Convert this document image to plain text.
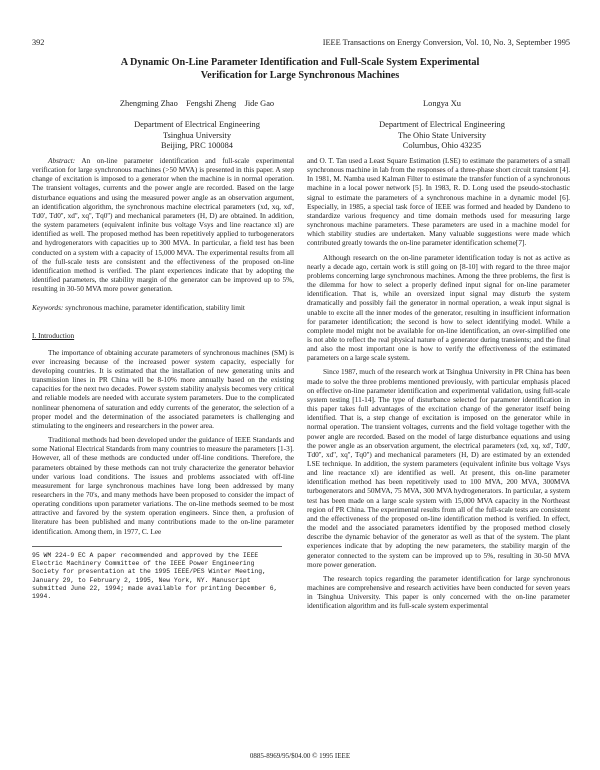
392	IEEE Transactions on Energy Conversion, Vol. 10, No. 3, September 1995
A Dynamic On-Line Parameter Identification and Full-Scale System Experimental
Verification for Large Synchronous Machines
Zhengming Zhao    Fengshi Zheng    Jide Gao
Department of Electrical Engineering
Tsinghua University
Beijing, PRC 100084
Longya Xu
Department of Electrical Engineering
The Ohio State University
Columbus, Ohio 43235

Abstract: An on-line parameter identification and full-scale experimental verification for large synchronous machines (>50 MVA) is presented in this paper. A step change of excitation is imposed to a generator when the machine is in normal operation. The transient voltages, currents and the power angle are recorded. Based on the large disturbance equations and using the measured power angle as an observation argument, an identification algorithm, the synchronous machine electrical parameters (xd, xq, xd', Td0', Td0'', xd'', xq'', Tq0'') and mechanical parameters (H, D) are obtained. In addition, the system parameters (equivalent infinite bus voltage Vsys and line reactance xl) are identified as well. The proposed method has been repetitively applied to turbogenerators and hydrogenerators with capacities up to 300 MVA. In particular, a field test has been conducted on a system with a capacity of 15,000 MVA. The experimental results from all of the full-scale tests are consistent and the effectiveness of the proposed on-line identification method is verified. The plant experiences indicate that by adopting the identified parameters, the stability margin of the generator can be improved up to 5%, resulting in 30-50 MVA more power generation.

Keywords: synchronous machine, parameter identification, stability limit

I. Introduction

The importance of obtaining accurate parameters of synchronous machines (SM) is ever increasing because of the increased power system capacity, especially for developing countries. It is estimated that the installation of new generating units and transmission lines in PR China will be 8-10% more annually based on the existing capacities for the next two decades. Power system stability analysis becomes very critical and reliable models are needed with accurate system parameters. Due to the complicated nonlinear phenomena of saturation and eddy currents of the generator, the selection of a proper model and the determination of the associated parameters is challenging and stimulating to the engineers and researchers in the power area.

Traditional methods had been developed under the guidance of IEEE Standards and some National Electrical Standards from many countries to measure the parameters [1-3]. However, all of these methods are conducted under off-line conditions. Therefore, the parameters obtained by these methods can not truly characterize the generator behavior under various load conditions. The issues and problems associated with off-line measurement for large synchronous machines have long been addressed by many researchers in the 70's, and many methods have been proposed to consider the impact of operating conditions upon parameter variations. The on-line methods seemed to be most attractive and favored by the system operation engineers. Since then, a profusion of literature has been published and many contributions made to the on-line parameter identification. Among them, in 1977, C. Lee

95 WM 224-9 EC A paper recommended and approved by the IEEE Electric Machinery Committee of the IEEE Power Engineering Society for presentation at the 1995 IEEE/PES Winter Meeting, January 29, to February 2, 1995, New York, NY. Manuscript submitted June 22, 1994; made available for printing December 6, 1994.

and O. T. Tan used a Least Square Estimation (LSE) to estimate the parameters of a small synchronous machine in lab from the responses of a three-phase short circuit transient [4]. In 1981, M. Namba used Kalman Filter to estimate the transfer function of a synchronous machine in a local power network [5]. In 1983, R. D. Long used the pseudo-stochastic signal to estimate the parameters of a synchronous machine in a dynamic model [6]. Especially, in 1985, a special task force of IEEE was formed and headed by Dandeno to standardize various frequency and time domain methods used for measuring large synchronous machine parameters. These parameters are used in a machine model for which stability studies are undertaken. Many valuable suggestions were made which contributed greatly towards the on-line parameter identification scheme[7].

Although research on the on-line parameter identification today is not as active as nearly a decade ago, certain work is still going on [8-10] with regard to the three major problems concerning large synchronous machines. Among the three problems, the first is the dilemma for how to select a properly defined input signal for on-line parameter identification. That is, while an oversized input signal may disturb the system dramatically and possibly fail the generator in normal operation, a weak input signal is unable to excite all the inner modes of the generator, resulting in insufficient information for parameter identification; the second is how to select identifying model. While a complete model might not be available for on-line identification, an over-simplified one is not able to reflect the real physical nature of a generator during transients; and the final and also the most important one is how to verify the effectiveness of the estimated parameters on a large scale system.

Since 1987, much of the research work at Tsinghua University in PR China has been made to solve the three problems mentioned previously, with particular emphasis placed on effective on-line parameter identification and experimental validation, using full-scale system testing [11-14]. The type of disturbance selected for parameter identification in this paper takes full advantages of the excitation change of the generator itself being identified. That is, a step change of excitation is imposed on the generator while in normal operation. The transient voltages, currents and the field voltage together with the power angle are recorded. Based on the model of large disturbance equations and using the power angle as an observation argument, the electrical parameters (xd, xq, xd', Td0', Td0'', xd'', xq'', Tq0'') and mechanical parameters (H, D) are estimated by an extended LSE technique. In addition, the system parameters (equivalent infinite bus voltage Vsys and line reactance xl) are identified as well. At present, this on-line parameter identification method has been repetitively used to 100 MVA, 200 MVA, 300MVA turbogenerators and 50MVA, 75 MVA, 300 MVA hydrogenerators. In particular, a system test has been made on a large scale system with 15,000 MVA capacity in the Northeast region of PR China. The experimental results from all of the full-scale tests are consistent and the effectiveness of the proposed on-line identification method is verified. In effect, the model and the associated parameters identified by the proposed method closely describe the dynamic behavior of the generator as well as that of the system. The plant experiences indicate that by adopting the new parameters, the stability margin of the generator connected to the system can be improved up to 5%, resulting in 30-50 MVA more power generation.

The research topics regarding the parameter identification for large synchronous machines are comprehensive and research activities have been conducted for seven years in Tsinghua University. This paper is only concerned with the on-line parameter identification algorithm and its full-scale system experimental

0885-8969/95/$04.00 © 1995 IEEE
